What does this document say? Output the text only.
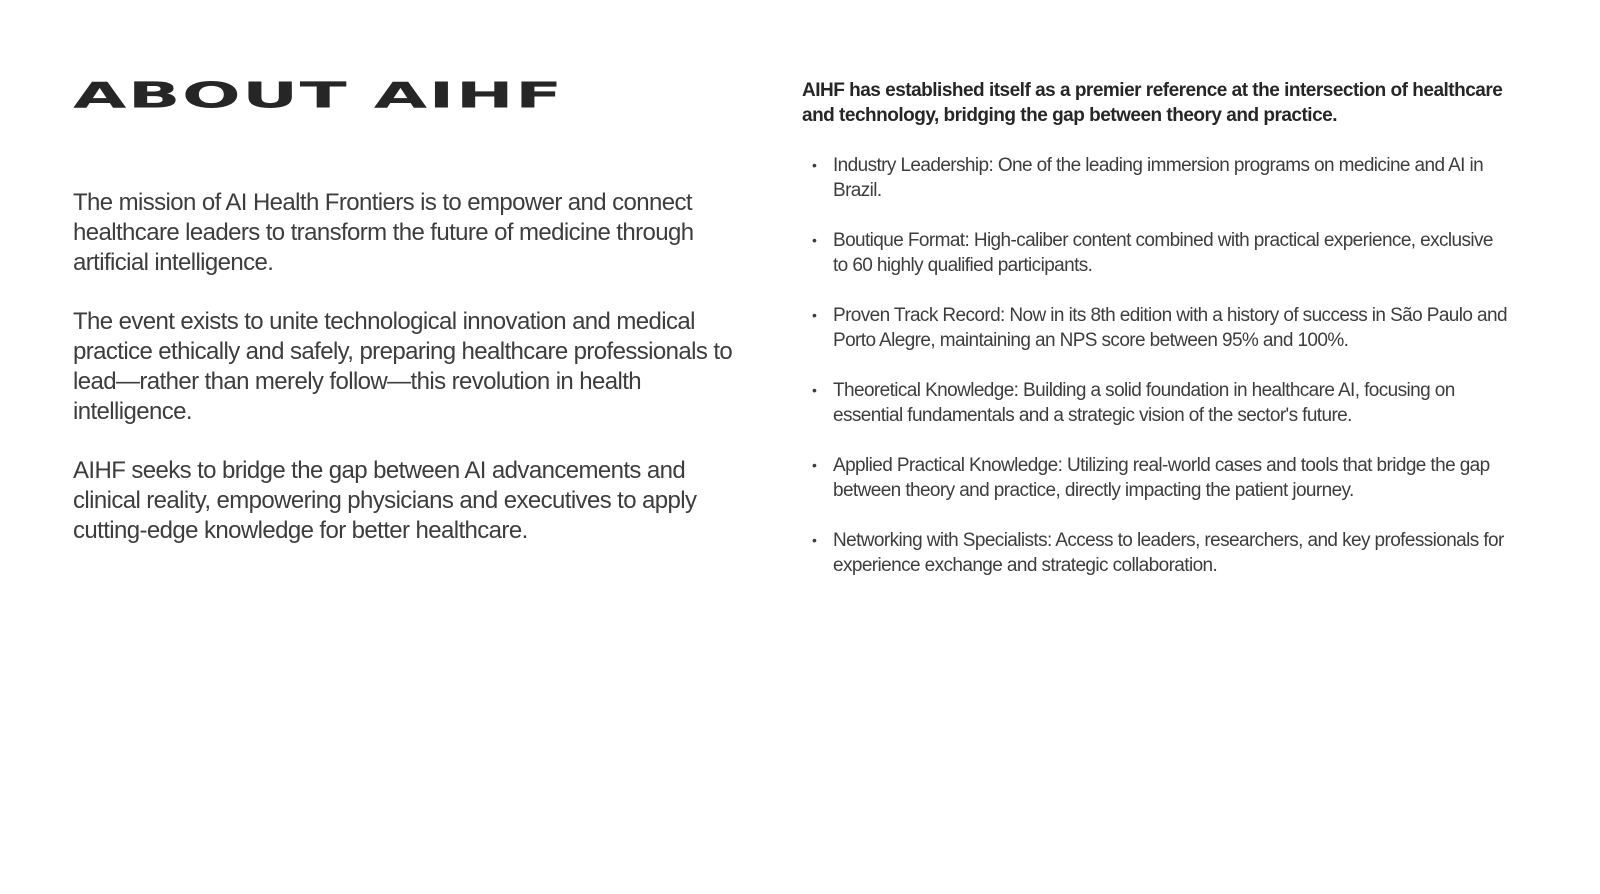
ABOUT AIHF

The mission of AI Health Frontiers is to empower and connect healthcare leaders to transform the future of medicine through artificial intelligence.

The event exists to unite technological innovation and medical practice ethically and safely, preparing healthcare professionals to lead—rather than merely follow—this revolution in health intelligence.

AIHF seeks to bridge the gap between AI advancements and clinical reality, empowering physicians and executives to apply cutting-edge knowledge for better healthcare.

AIHF has established itself as a premier reference at the intersection of healthcare and technology, bridging the gap between theory and practice.

• Industry Leadership: One of the leading immersion programs on medicine and AI in Brazil.
• Boutique Format: High-caliber content combined with practical experience, exclusive to 60 highly qualified participants.
• Proven Track Record: Now in its 8th edition with a history of success in São Paulo and Porto Alegre, maintaining an NPS score between 95% and 100%.
• Theoretical Knowledge: Building a solid foundation in healthcare AI, focusing on essential fundamentals and a strategic vision of the sector's future.
• Applied Practical Knowledge: Utilizing real-world cases and tools that bridge the gap between theory and practice, directly impacting the patient journey.
• Networking with Specialists: Access to leaders, researchers, and key professionals for experience exchange and strategic collaboration.
